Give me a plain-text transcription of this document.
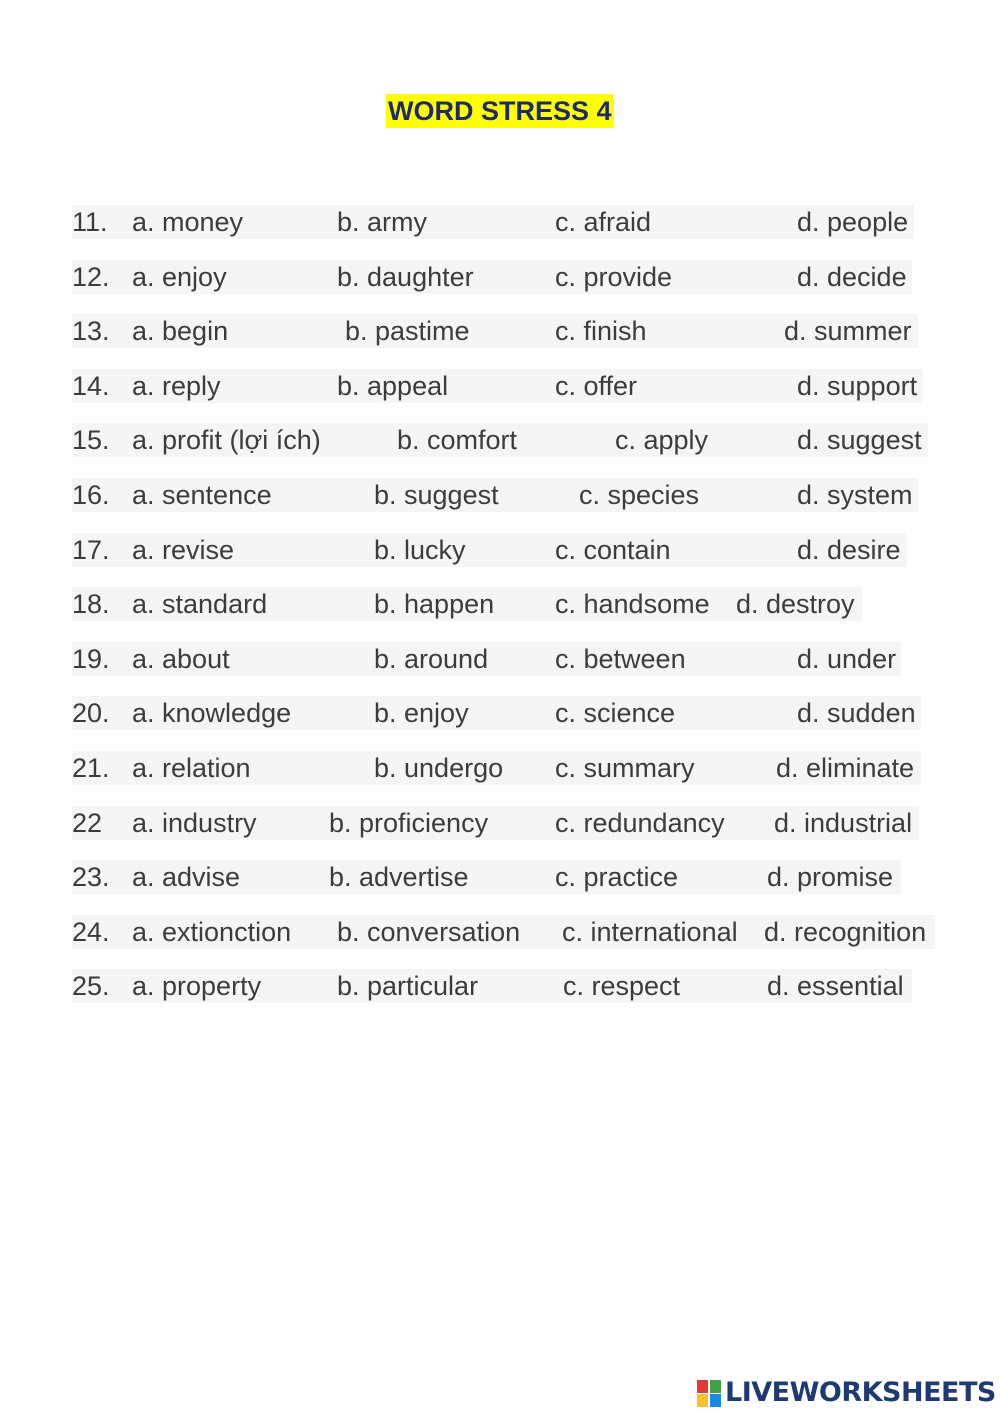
WORD STRESS 4
11. a. money	b. army	c. afraid	d. people
12. a. enjoy	b. daughter	c. provide	d. decide
13. a. begin	b. pastime	c. finish	d. summer
14. a. reply	b. appeal	c. offer	d. support
15. a. profit (lợi ích)	b. comfort	c. apply	d. suggest
16. a. sentence	b. suggest	c. species	d. system
17. a. revise	b. lucky	c. contain	d. desire
18. a. standard	b. happen c. handsome d. destroy
19. a. about	b. around c. between	d. under
20. a. knowledge	b. enjoy	c. science	d. sudden
21. a. relation	b. undergo c. summary	d. eliminate
22 a. industry	b. proficiency c. redundancy d. industrial
23. a. advise	b. advertise	c. practice	d. promise
24. a. extionction b. conversation c. international d. recognition
25. a. property	b. particular	c. respect	d. essential
LIVEWORKSHEETS
